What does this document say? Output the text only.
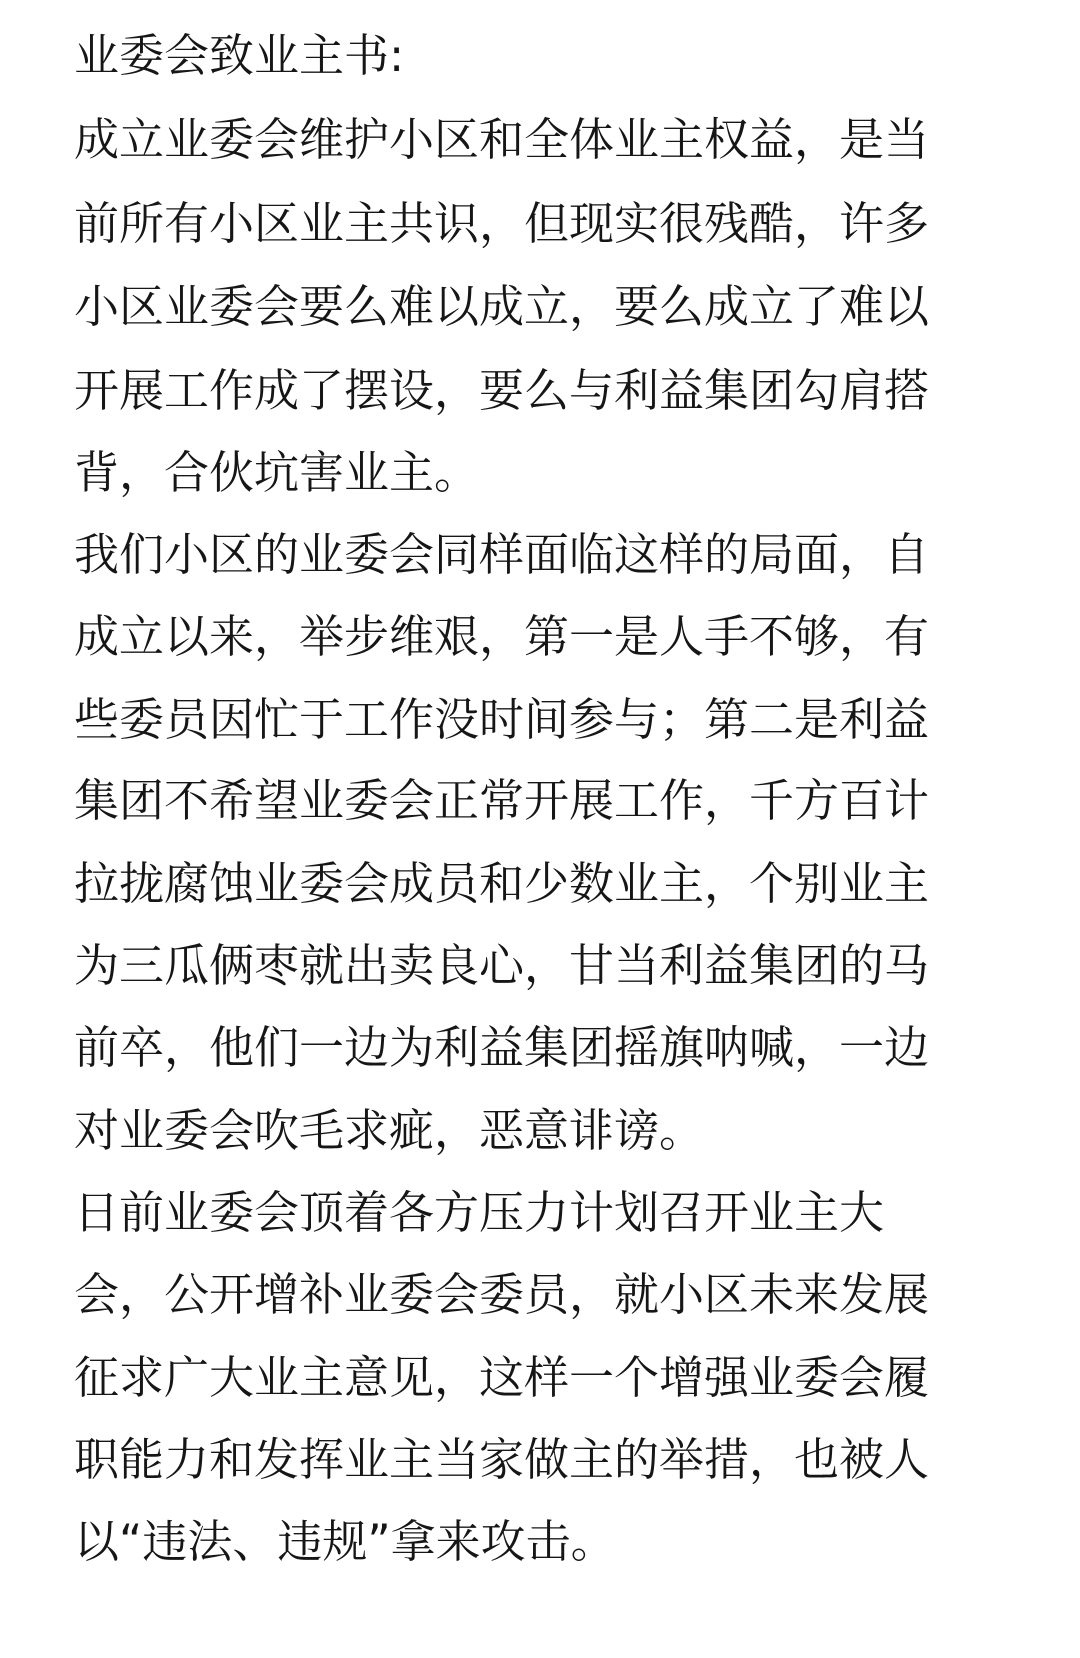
业委会致业主书:

成立业委会维护小区和全体业主权益，是当

前所有小区业主共识，但现实很残酷，许多

小区业委会要么难以成立，要么成立了难以

开展工作成了摆设，要么与利益集团勾肩搭

背，合伙坑害业主。

我们小区的业委会同样面临这样的局面，自

成立以来，举步维艰，第一是人手不够，有

些委员因忙于工作没时间参与；第二是利益

集团不希望业委会正常开展工作，千方百计

拉拢腐蚀业委会成员和少数业主，个别业主

为三瓜俩枣就出卖良心，甘当利益集团的马

前卒，他们一边为利益集团摇旗呐喊，一边

对业委会吹毛求疵，恶意诽谤。

日前业委会顶着各方压力计划召开业主大

会，公开增补业委会委员，就小区未来发展

征求广大业主意见，这样一个增强业委会履

职能力和发挥业主当家做主的举措，也被人

以“违法、违规”拿来攻击。
